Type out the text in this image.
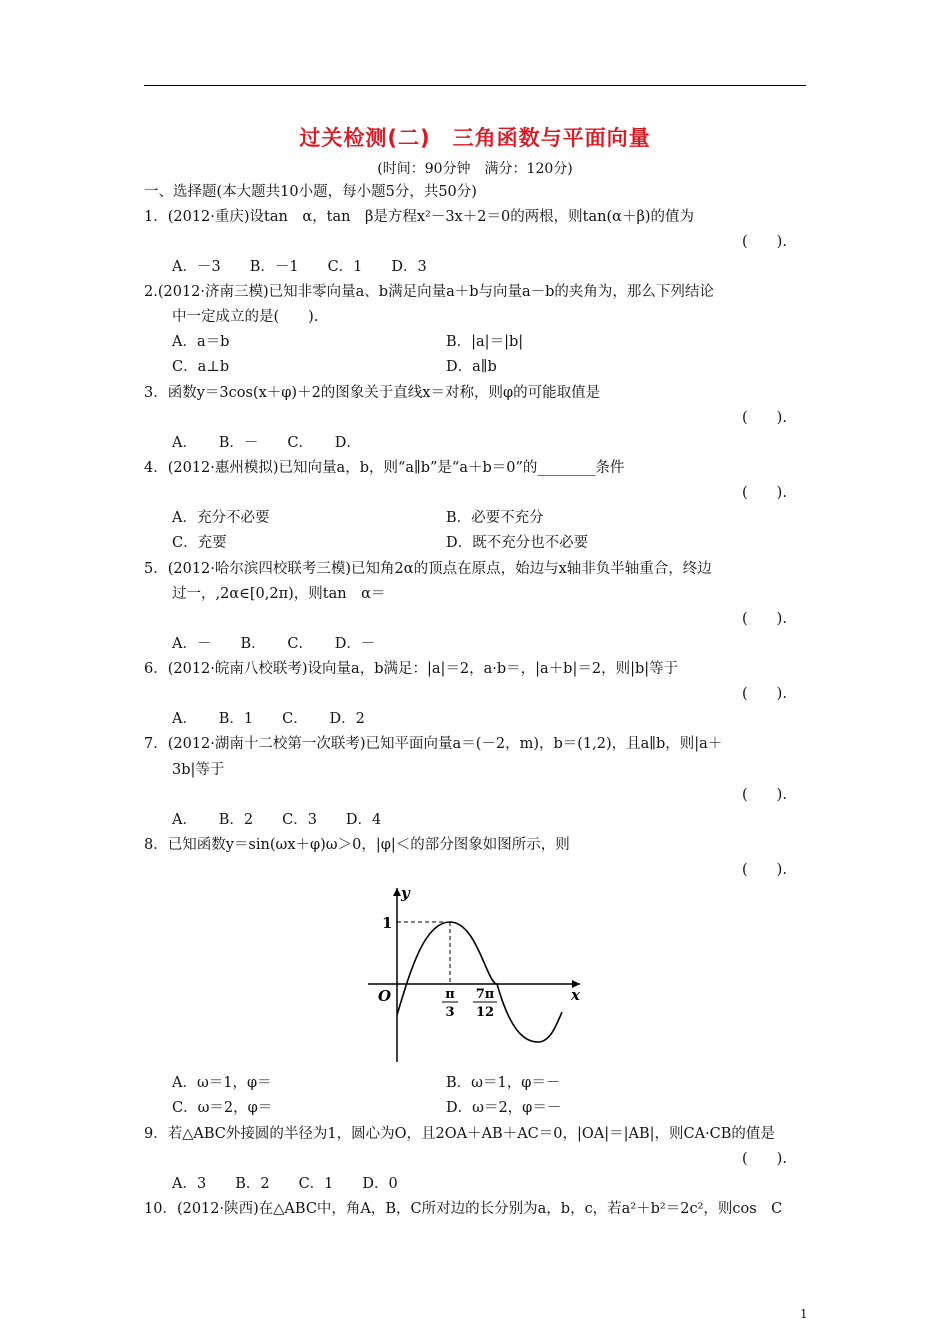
过关检测(二)　三角函数与平面向量
(时间：90分钟　满分：120分)
一、选择题(本大题共10小题，每小题5分，共50分)
1．(2012·重庆)设tan　α，tan　β是方程x²－3x＋2＝0的两根，则tan(α＋β)的值为
(　　).
A．－3　　B．－1　　C．1　　D．3
2.(2012·济南三模)已知非零向量a、b满足向量a＋b与向量a－b的夹角为，那么下列结论
中一定成立的是(　　).
A．a＝b	B．|a|＝|b|
C．a⊥b	D．a∥b
3．函数y＝3cos(x＋φ)＋2的图象关于直线x＝对称，则φ的可能取值是
(　　).
A．　　B．－　　C．　　D．
4．(2012·惠州模拟)已知向量a，b，则“a∥b”是“a＋b＝0”的________条件
(　　).
A．充分不必要	B．必要不充分
C．充要	D．既不充分也不必要
5．(2012·哈尔滨四校联考三模)已知角2α的顶点在原点，始边与x轴非负半轴重合，终边
过一，,2α∈[0,2π)，则tan　α＝
(　　).
A．－　　B．　　C．　　D．－
6．(2012·皖南八校联考)设向量a，b满足：|a|＝2，a·b＝，|a＋b|＝2，则|b|等于
(　　).
A．　　B．1　　C．　　D．2
7．(2012·湖南十二校第一次联考)已知平面向量a＝(－2，m)，b＝(1,2)，且a∥b，则|a＋
3b|等于
(　　).
A．　　B．2　　C．3　　D．4
8．已知函数y＝sin(ωx＋φ)ω＞0，|φ|＜的部分图象如图所示，则
(　　).
y
x
O
1
π
3
7π
12
A．ω＝1，φ＝	B．ω＝1，φ＝－
C．ω＝2，φ＝	D．ω＝2，φ＝－
9．若△ABC外接圆的半径为1，圆心为O，且2OA＋AB＋AC＝0，|OA|＝|AB|，则CA·CB的值是
(　　).
A．3　　B．2　　C．1　　D．0
10．(2012·陕西)在△ABC中，角A，B，C所对边的长分别为a，b，c，若a²＋b²＝2c²，则cos　C
1
